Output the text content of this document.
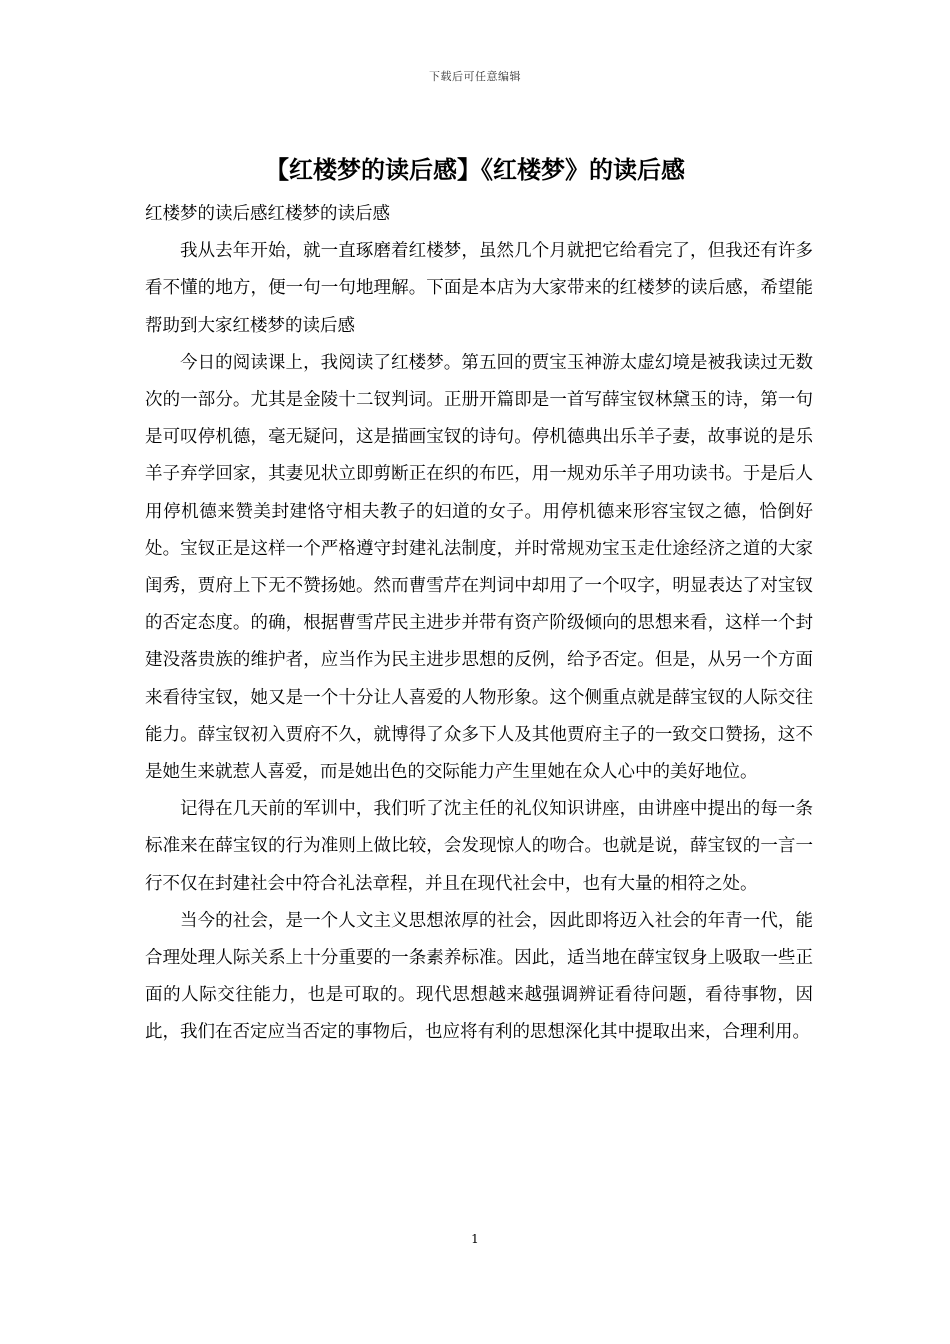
下载后可任意编辑
【红楼梦的读后感】《红楼梦》的读后感

红楼梦的读后感红楼梦的读后感

我从去年开始，就一直琢磨着红楼梦，虽然几个月就把它给看完了，但我还有许多看不懂的地方，便一句一句地理解。下面是本店为大家带来的红楼梦的读后感，希望能帮助到大家红楼梦的读后感

今日的阅读课上，我阅读了红楼梦。第五回的贾宝玉神游太虚幻境是被我读过无数次的一部分。尤其是金陵十二钗判词。正册开篇即是一首写薛宝钗林黛玉的诗，第一句是可叹停机德，毫无疑问，这是描画宝钗的诗句。停机德典出乐羊子妻，故事说的是乐羊子弃学回家，其妻见状立即剪断正在织的布匹，用一规劝乐羊子用功读书。于是后人用停机德来赞美封建恪守相夫教子的妇道的女子。用停机德来形容宝钗之德，恰倒好处。宝钗正是这样一个严格遵守封建礼法制度，并时常规劝宝玉走仕途经济之道的大家闺秀，贾府上下无不赞扬她。然而曹雪芹在判词中却用了一个叹字，明显表达了对宝钗的否定态度。的确，根据曹雪芹民主进步并带有资产阶级倾向的思想来看，这样一个封建没落贵族的维护者，应当作为民主进步思想的反例，给予否定。但是，从另一个方面来看待宝钗，她又是一个十分让人喜爱的人物形象。这个侧重点就是薛宝钗的人际交往能力。薛宝钗初入贾府不久，就博得了众多下人及其他贾府主子的一致交口赞扬，这不是她生来就惹人喜爱，而是她出色的交际能力产生里她在众人心中的美好地位。

记得在几天前的军训中，我们听了沈主任的礼仪知识讲座，由讲座中提出的每一条标准来在薛宝钗的行为准则上做比较，会发现惊人的吻合。也就是说，薛宝钗的一言一行不仅在封建社会中符合礼法章程，并且在现代社会中，也有大量的相符之处。

当今的社会，是一个人文主义思想浓厚的社会，因此即将迈入社会的年青一代，能合理处理人际关系上十分重要的一条素养标准。因此，适当地在薛宝钗身上吸取一些正面的人际交往能力，也是可取的。现代思想越来越强调辨证看待问题，看待事物，因此，我们在否定应当否定的事物后，也应将有利的思想深化其中提取出来，合理利用。

1
